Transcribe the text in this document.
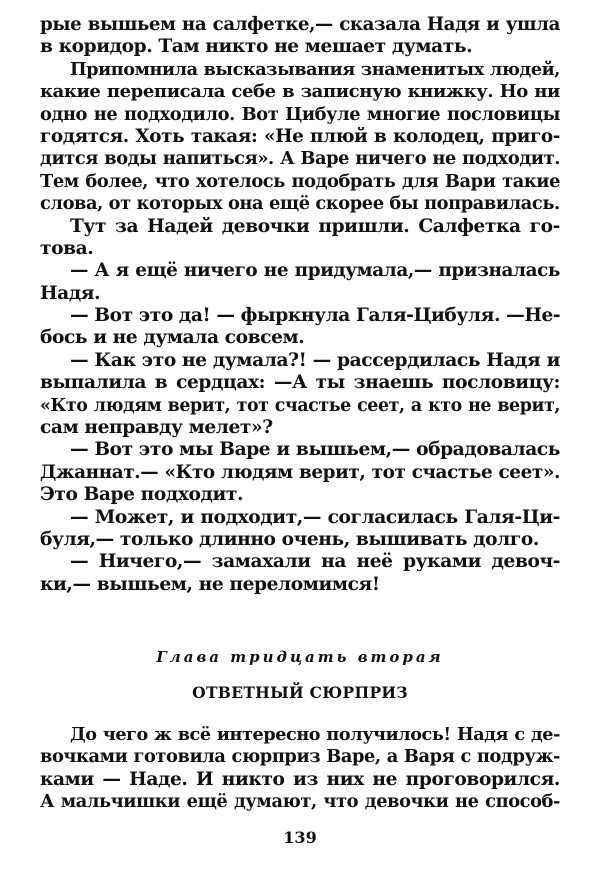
рые вышьем на салфетке,— сказала Надя и ушла
в коридор. Там никто не мешает думать.
Припомнила высказывания знаменитых людей,
какие переписала себе в записную книжку. Но ни
одно не подходило. Вот Цибуле многие пословицы
годятся. Хоть такая: «Не плюй в колодец, приго-
дится воды напиться». А Варе ничего не подходит.
Тем более, что хотелось подобрать для Вари такие
слова, от которых она ещё скорее бы поправилась.
Тут за Надей девочки пришли. Салфетка го-
това.
— А я ещё ничего не придумала,— призналась
Надя.
— Вот это да! — фыркнула Галя-Цибуля. —Не-
бось и не думала совсем.
— Как это не думала?! — рассердилась Надя и
выпалила в сердцах: —А ты знаешь пословицу:
«Кто людям верит, тот счастье сеет, а кто не верит,
сам неправду мелет»?
— Вот это мы Варе и вышьем,— обрадовалась
Джаннат.— «Кто людям верит, тот счастье сеет».
Это Варе подходит.
— Может, и подходит,— согласилась Галя-Ци-
буля,— только длинно очень, вышивать долго.
— Ничего,— замахали на неё руками девоч-
ки,— вышьем, не переломимся!
Глава тридцать вторая
ОТВЕТНЫЙ СЮРПРИЗ
До чего ж всё интересно получилось! Надя с де-
вочками готовила сюрприз Варе, а Варя с подруж-
ками — Наде. И никто из них не проговорился.
А мальчишки ещё думают, что девочки не способ-
139
